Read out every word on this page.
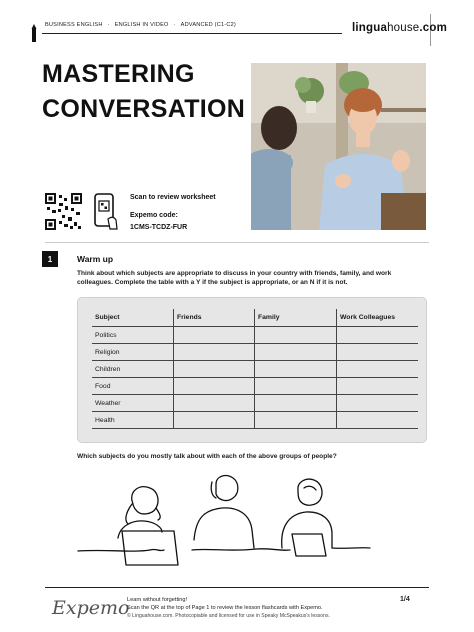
BUSINESS ENGLISH · ENGLISH IN VIDEO · ADVANCED (C1-C2)	linguahouse.com
MASTERING
CONVERSATION
Scan to review worksheet
Expemo code:
1CMS-TCDZ-FUR
1	Warm up
Think about which subjects are appropriate to discuss in your country with friends, family, and work colleagues. Complete the table with a Y if the subject is appropriate, or an N if it is not.
Subject	Friends	Family	Work Colleagues
Politics			
Religion			
Children			
Food			
Weather			
Health			
Which subjects do you mostly talk about with each of the above groups of people?
Expemo
Learn without forgetting!
Scan the QR at the top of Page 1 to review the lesson flashcards with Expemo.
© Linguahouse.com. Photocopiable and licensed for use in Speaky McSpeakus's lessons.
1/4
